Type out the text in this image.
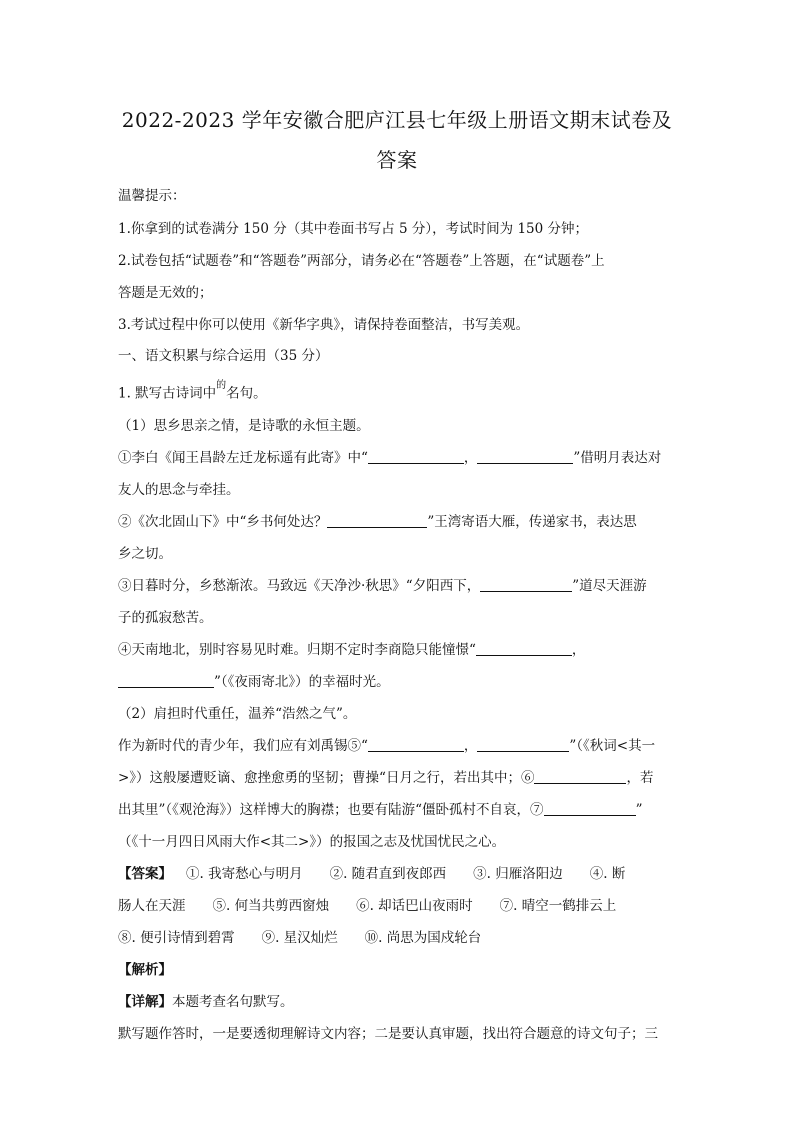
2022-2023 学年安徽合肥庐江县七年级上册语文期末试卷及
答案
温馨提示：
1.你拿到的试卷满分 150 分（其中卷面书写占 5 分），考试时间为 150 分钟；
2.试卷包括“试题卷”和“答题卷”两部分，请务必在“答题卷”上答题，在“试题卷”上
答题是无效的；
3.考试过程中你可以使用《新华字典》，请保持卷面整洁，书写美观。
一、语文积累与综合运用（35 分）
1. 默写古诗词中$^的$名句。
（1）思乡思亲之情，是诗歌的永恒主题。
①李白《闻王昌龄左迁龙标遥有此寄》中“	，	”借明月表达对
友人的思念与牵挂。
②《次北固山下》中“乡书何处达？	”王湾寄语大雁，传递家书，表达思
乡之切。
③日暮时分，乡愁渐浓。马致远《天净沙·秋思》“夕阳西下，	”道尽天涯游
子的孤寂愁苦。
④天南地北，别时容易见时难。归期不定时李商隐只能憧憬“	，
”（《夜雨寄北》）的幸福时光。
（2）肩担时代重任，温养“浩然之气”。
作为新时代的青少年，我们应有刘禹锡⑤“	，	”（《秋词<其一
>》）这般屡遭贬谪、愈挫愈勇的坚韧；曹操“日月之行，若出其中；⑥	，若
出其里”（《观沧海》）这样博大的胸襟；也要有陆游“僵卧孤村不自哀，⑦	”
（《十一月四日风雨大作<其二>》）的报国之志及忧国忧民之心。
【答案】 ①. 我寄愁心与明月　　②. 随君直到夜郎西　　③. 归雁洛阳边　　④. 断
肠人在天涯　　⑤. 何当共剪西窗烛　　⑥. 却话巴山夜雨时　　⑦. 晴空一鹤排云上
⑧. 便引诗情到碧霄　　⑨. 星汉灿烂　　⑩. 尚思为国戍轮台
【解析】
【详解】本题考查名句默写。
默写题作答时，一是要透彻理解诗文内容；二是要认真审题，找出符合题意的诗文句子；三
